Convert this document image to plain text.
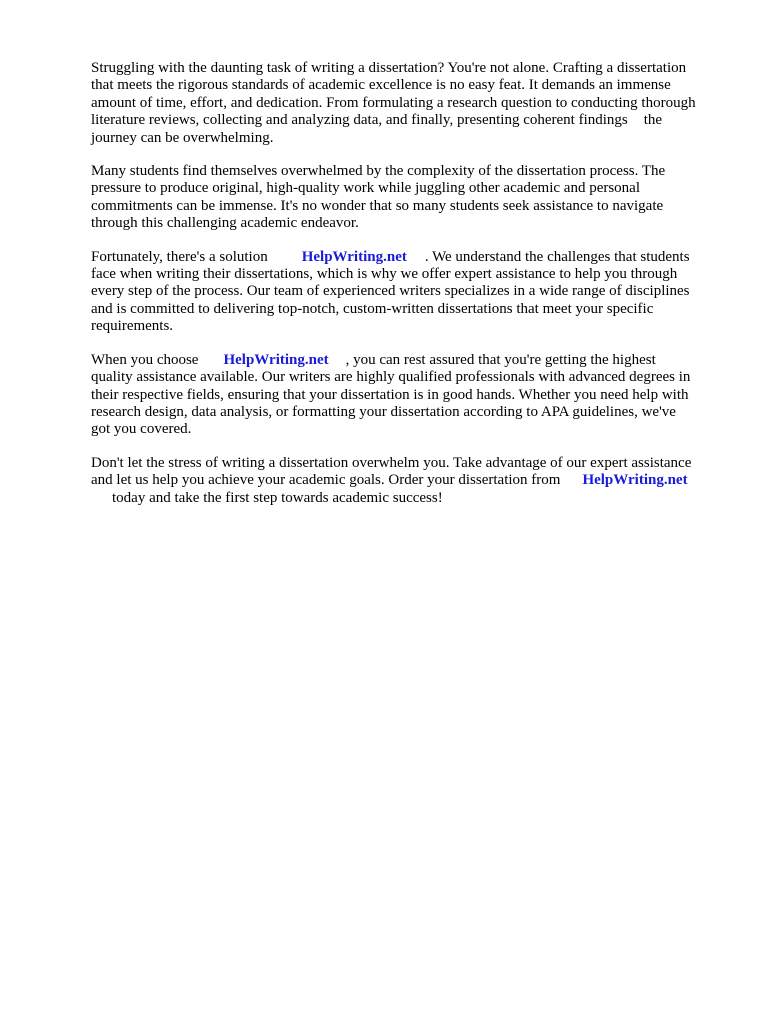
Struggling with the daunting task of writing a dissertation? You're not alone. Crafting a dissertation
that meets the rigorous standards of academic excellence is no easy feat. It demands an immense
amount of time, effort, and dedication. From formulating a research question to conducting thorough
literature reviews, collecting and analyzing data, and finally, presenting coherent findings the
journey can be overwhelming.

Many students find themselves overwhelmed by the complexity of the dissertation process. The
pressure to produce original, high-quality work while juggling other academic and personal
commitments can be immense. It's no wonder that so many students seek assistance to navigate
through this challenging academic endeavor.

Fortunately, there's a solution HelpWriting.net . We understand the challenges that students
face when writing their dissertations, which is why we offer expert assistance to help you through
every step of the process. Our team of experienced writers specializes in a wide range of disciplines
and is committed to delivering top-notch, custom-written dissertations that meet your specific
requirements.

When you choose HelpWriting.net , you can rest assured that you're getting the highest
quality assistance available. Our writers are highly qualified professionals with advanced degrees in
their respective fields, ensuring that your dissertation is in good hands. Whether you need help with
research design, data analysis, or formatting your dissertation according to APA guidelines, we've
got you covered.

Don't let the stress of writing a dissertation overwhelm you. Take advantage of our expert assistance
and let us help you achieve your academic goals. Order your dissertation from HelpWriting.net
today and take the first step towards academic success!
